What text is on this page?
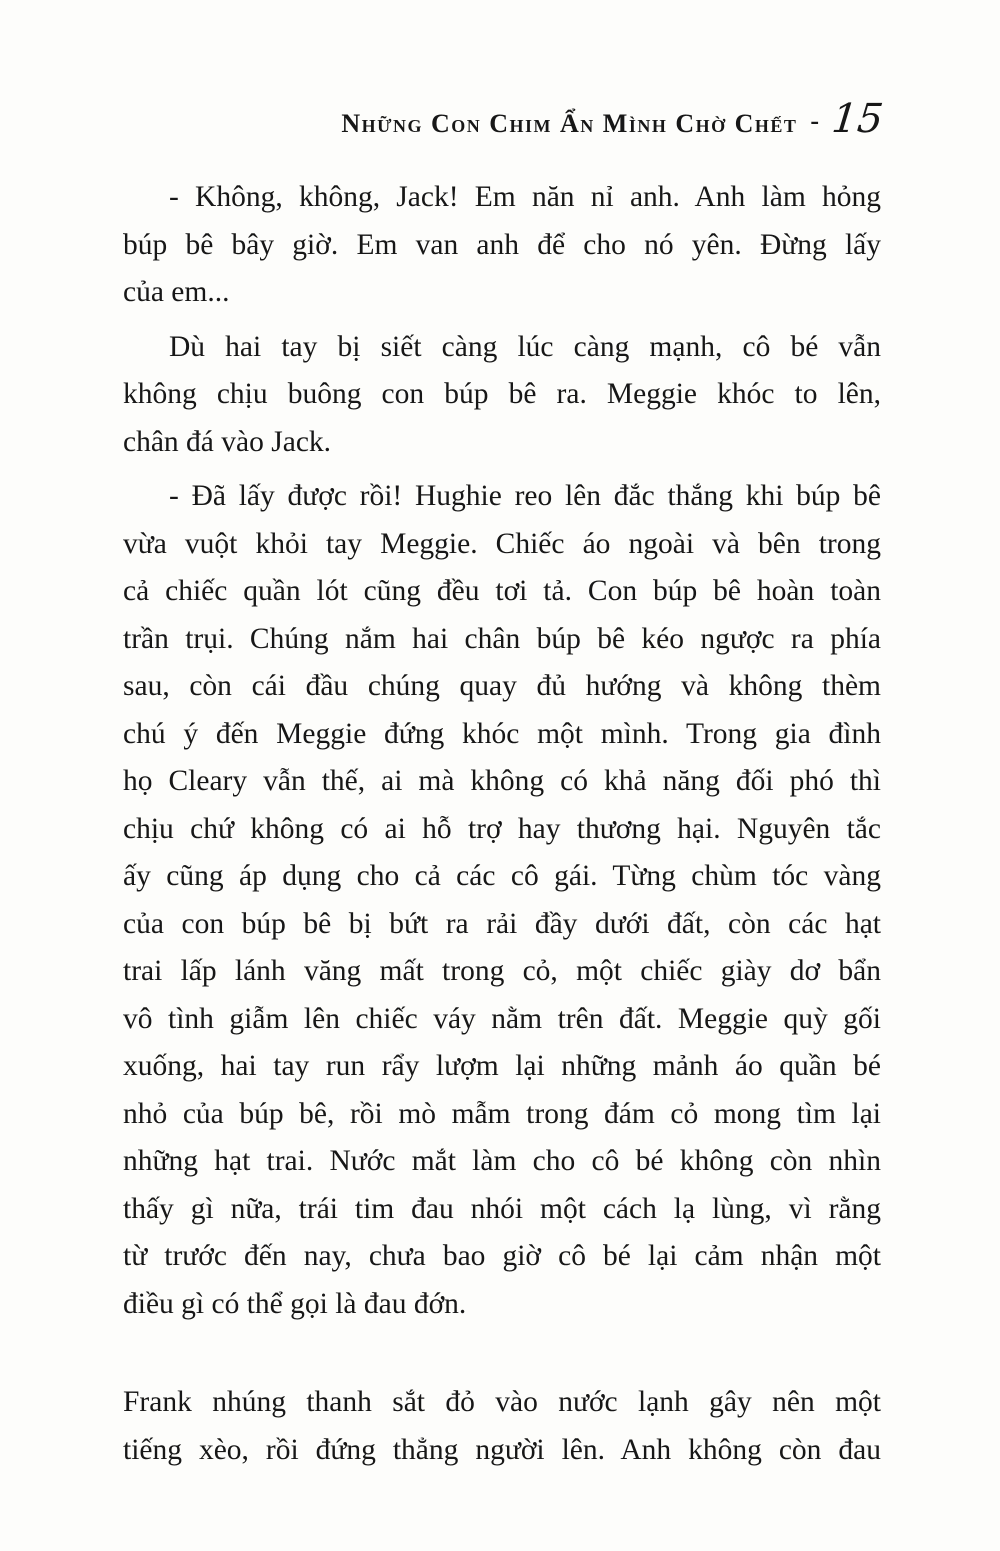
Những Con Chim Ẩn Mình Chờ Chết - 15
- Không, không, Jack! Em năn nỉ anh. Anh làm hỏng
búp bê bây giờ. Em van anh để cho nó yên. Đừng lấy
của em...
Dù hai tay bị siết càng lúc càng mạnh, cô bé vẫn
không chịu buông con búp bê ra. Meggie khóc to lên,
chân đá vào Jack.
- Đã lấy được rồi! Hughie reo lên đắc thắng khi búp bê
vừa vuột khỏi tay Meggie. Chiếc áo ngoài và bên trong
cả chiếc quần lót cũng đều tơi tả. Con búp bê hoàn toàn
trần trụi. Chúng nắm hai chân búp bê kéo ngược ra phía
sau, còn cái đầu chúng quay đủ hướng và không thèm
chú ý đến Meggie đứng khóc một mình. Trong gia đình
họ Cleary vẫn thế, ai mà không có khả năng đối phó thì
chịu chứ không có ai hỗ trợ hay thương hại. Nguyên tắc
ấy cũng áp dụng cho cả các cô gái. Từng chùm tóc vàng
của con búp bê bị bứt ra rải đầy dưới đất, còn các hạt
trai lấp lánh văng mất trong cỏ, một chiếc giày dơ bẩn
vô tình giẫm lên chiếc váy nằm trên đất. Meggie quỳ gối
xuống, hai tay run rẩy lượm lại những mảnh áo quần bé
nhỏ của búp bê, rồi mò mẫm trong đám cỏ mong tìm lại
những hạt trai. Nước mắt làm cho cô bé không còn nhìn
thấy gì nữa, trái tim đau nhói một cách lạ lùng, vì rằng
từ trước đến nay, chưa bao giờ cô bé lại cảm nhận một
điều gì có thể gọi là đau đớn.
Frank nhúng thanh sắt đỏ vào nước lạnh gây nên một
tiếng xèo, rồi đứng thẳng người lên. Anh không còn đau
